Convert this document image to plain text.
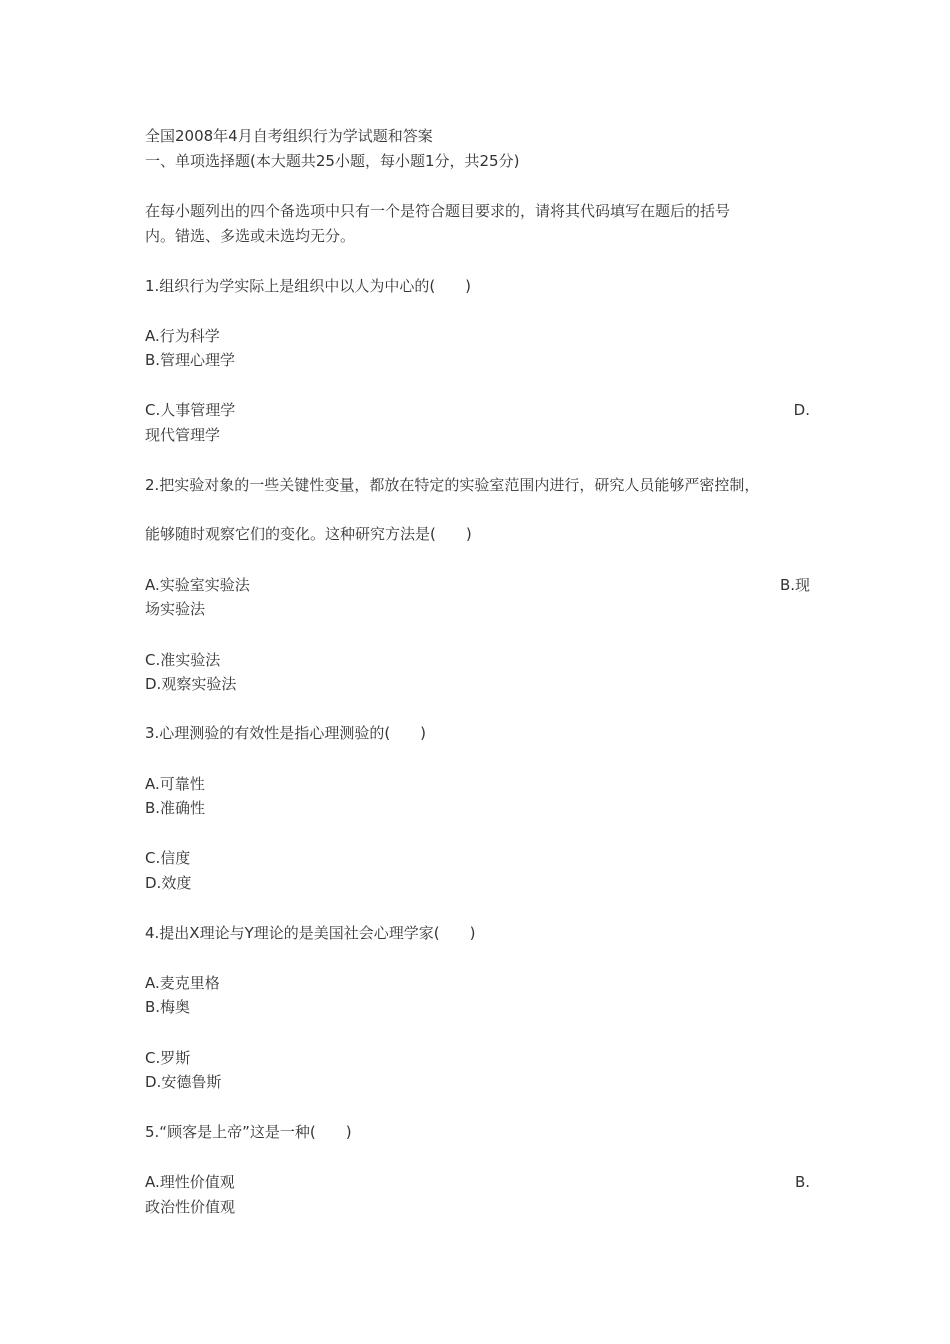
全国2008年4月自考组织行为学试题和答案
一、单项选择题(本大题共25小题，每小题1分，共25分)
在每小题列出的四个备选项中只有一个是符合题目要求的，请将其代码填写在题后的括号
内。错选、多选或未选均无分。
1.组织行为学实际上是组织中以人为中心的(　　)
A.行为科学
B.管理心理学
C.人事管理学	D.
现代管理学
2.把实验对象的一些关键性变量，都放在特定的实验室范围内进行，研究人员能够严密控制，
能够随时观察它们的变化。这种研究方法是(　　)
A.实验室实验法	B.现
场实验法
C.准实验法
D.观察实验法
3.心理测验的有效性是指心理测验的(　　)
A.可靠性
B.准确性
C.信度
D.效度
4.提出X理论与Y理论的是美国社会心理学家(　　)
A.麦克里格
B.梅奥
C.罗斯
D.安德鲁斯
5.“顾客是上帝”这是一种(　　)
A.理性价值观	B.
政治性价值观
